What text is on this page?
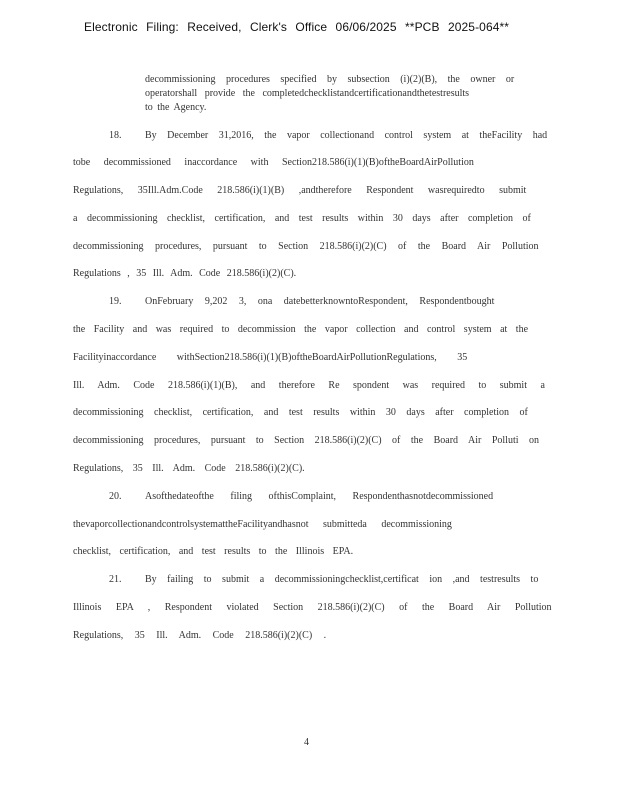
Electronic Filing: Received, Clerk's Office 06/06/2025 **PCB 2025-064**
decommissioning procedures specified by subsection (i)(2)(B), the owner or
operatorshall provide the completedchecklistandcertificationandthetestresults
to the Agency.
18. By December 31,2016, the vapor collectionand control system at theFacility had
tobe decommissioned inaccordance with Section218.586(i)(1)(B)oftheBoardAirPollution
Regulations, 35Ill.Adm.Code 218.586(i)(1)(B) ,andtherefore Respondent wasrequiredto submit
a decommissioning checklist, certification, and test results within 30 days after completion of
decommissioning procedures, pursuant to Section 218.586(i)(2)(C) of the Board Air Pollution
Regulations , 35 Ill. Adm. Code 218.586(i)(2)(C).
19. OnFebruary 9,202 3, ona datebetterknowntoRespondent, Respondentbought
the Facility and was required to decommission the vapor collection and control system at the
Facilityinaccordance withSection218.586(i)(1)(B)oftheBoardAirPollutionRegulations, 35
Ill. Adm. Code 218.586(i)(1)(B), and therefore Re spondent was required to submit a
decommissioning checklist, certification, and test results within 30 days after completion of
decommissioning procedures, pursuant to Section 218.586(i)(2)(C) of the Board Air Polluti on
Regulations, 35 Ill. Adm. Code 218.586(i)(2)(C).
20. Asofthedateofthe filing ofthisComplaint, Respondenthasnotdecommissioned
thevaporcollectionandcontrolsystemattheFacilityandhasnot submitteda decommissioning
checklist, certification, and test results to the Illinois EPA.
21. By failing to submit a decommissioningchecklist,certificat ion ,and testresults to
Illinois EPA , Respondent violated Section 218.586(i)(2)(C) of the Board Air Pollution
Regulations, 35 Ill. Adm. Code 218.586(i)(2)(C) .
4
